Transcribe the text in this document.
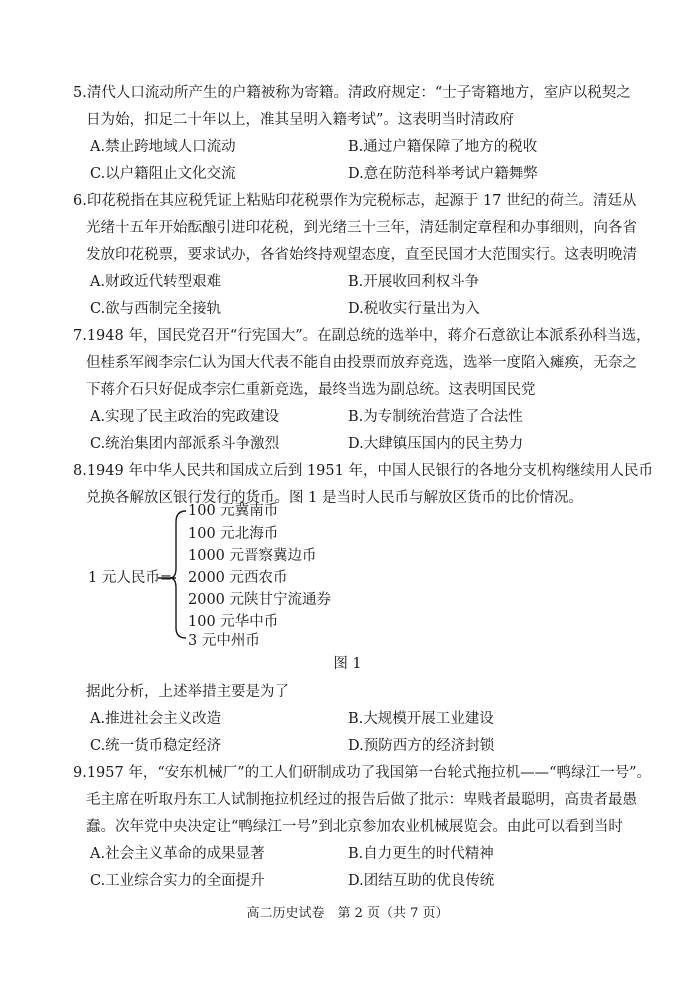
5.清代人口流动所产生的户籍被称为寄籍。清政府规定：“士子寄籍地方，室庐以税契之
日为始，扣足二十年以上，准其呈明入籍考试”。这表明当时清政府
A.禁止跨地域人口流动	B.通过户籍保障了地方的税收
C.以户籍阻止文化交流	D.意在防范科举考试户籍舞弊
6.印花税指在其应税凭证上粘贴印花税票作为完税标志，起源于 17 世纪的荷兰。清廷从
光绪十五年开始酝酿引进印花税，到光绪三十三年，清廷制定章程和办事细则，向各省
发放印花税票，要求试办，各省始终持观望态度，直至民国才大范围实行。这表明晚清
A.财政近代转型艰难	B.开展收回利权斗争
C.欲与西制完全接轨	D.税收实行量出为入
7.1948 年，国民党召开“行宪国大”。在副总统的选举中，蒋介石意欲让本派系孙科当选，
但桂系军阀李宗仁认为国大代表不能自由投票而放弃竞选，选举一度陷入瘫痪，无奈之
下蒋介石只好促成李宗仁重新竞选，最终当选为副总统。这表明国民党
A.实现了民主政治的宪政建设	B.为专制统治营造了合法性
C.统治集团内部派系斗争激烈	D.大肆镇压国内的民主势力
8.1949 年中华人民共和国成立后到 1951 年，中国人民银行的各地分支机构继续用人民币
兑换各解放区银行发行的货币。图 1 是当时人民币与解放区货币的比价情况。
1 元人民币=
100 元冀南币
100 元北海币
1000 元晋察冀边币
2000 元西农币
2000 元陕甘宁流通券
100 元华中币
3 元中州币
图 1
据此分析，上述举措主要是为了
A.推进社会主义改造	B.大规模开展工业建设
C.统一货币稳定经济	D.预防西方的经济封锁
9.1957 年，“安东机械厂”的工人们研制成功了我国第一台轮式拖拉机——“鸭绿江一号”。
毛主席在听取丹东工人试制拖拉机经过的报告后做了批示：卑贱者最聪明，高贵者最愚
蠢。次年党中央决定让“鸭绿江一号”到北京参加农业机械展览会。由此可以看到当时
A.社会主义革命的成果显著	B.自力更生的时代精神
C.工业综合实力的全面提升	D.团结互助的优良传统
高二历史试卷　第 2 页（共 7 页）
